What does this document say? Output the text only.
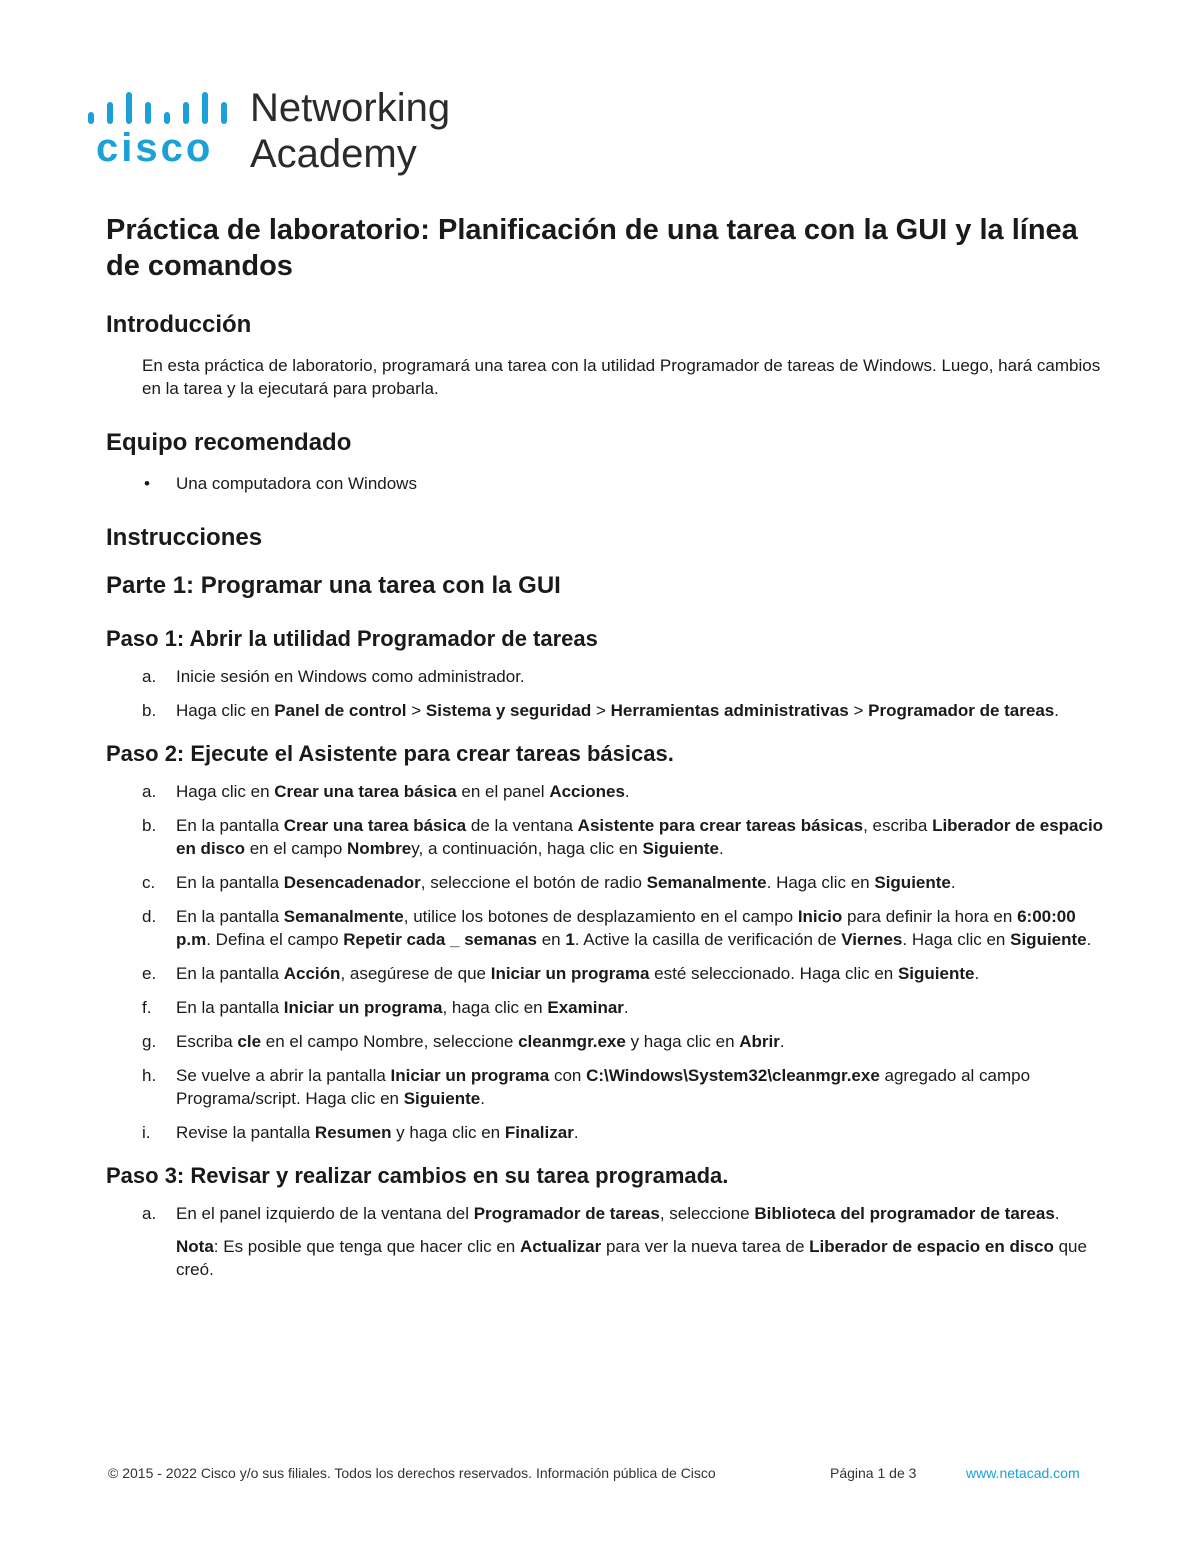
cisco
Networking
Academy
Práctica de laboratorio: Planificación de una tarea con la GUI y la línea de comandos
Introducción

En esta práctica de laboratorio, programará una tarea con la utilidad Programador de tareas de Windows. Luego, hará cambios en la tarea y la ejecutará para probarla.

Equipo recomendado
• Una computadora con Windows
Instrucciones
Parte 1: Programar una tarea con la GUI
Paso 1: Abrir la utilidad Programador de tareas
a. Inicie sesión en Windows como administrador.
b. Haga clic en Panel de control > Sistema y seguridad > Herramientas administrativas > Programador de tareas.
Paso 2: Ejecute el Asistente para crear tareas básicas.
a. Haga clic en Crear una tarea básica en el panel Acciones.
b. En la pantalla Crear una tarea básica de la ventana Asistente para crear tareas básicas, escriba Liberador de espacio en disco en el campo Nombrey, a continuación, haga clic en Siguiente.
c. En la pantalla Desencadenador, seleccione el botón de radio Semanalmente. Haga clic en Siguiente.
d. En la pantalla Semanalmente, utilice los botones de desplazamiento en el campo Inicio para definir la hora en 6:00:00 p.m. Defina el campo Repetir cada _ semanas en 1. Active la casilla de verificación de Viernes. Haga clic en Siguiente.
e. En la pantalla Acción, asegúrese de que Iniciar un programa esté seleccionado. Haga clic en Siguiente.
f. En la pantalla Iniciar un programa, haga clic en Examinar.
g. Escriba cle en el campo Nombre, seleccione cleanmgr.exe y haga clic en Abrir.
h. Se vuelve a abrir la pantalla Iniciar un programa con C:\Windows\System32\cleanmgr.exe agregado al campo Programa/script. Haga clic en Siguiente.
i. Revise la pantalla Resumen y haga clic en Finalizar.
Paso 3: Revisar y realizar cambios en su tarea programada.
a. En el panel izquierdo de la ventana del Programador de tareas, seleccione Biblioteca del programador de tareas.
Nota: Es posible que tenga que hacer clic en Actualizar para ver la nueva tarea de Liberador de espacio en disco que creó.
© 2015 - 2022 Cisco y/o sus filiales. Todos los derechos reservados. Información pública de Cisco	Página 1 de 3	www.netacad.com
